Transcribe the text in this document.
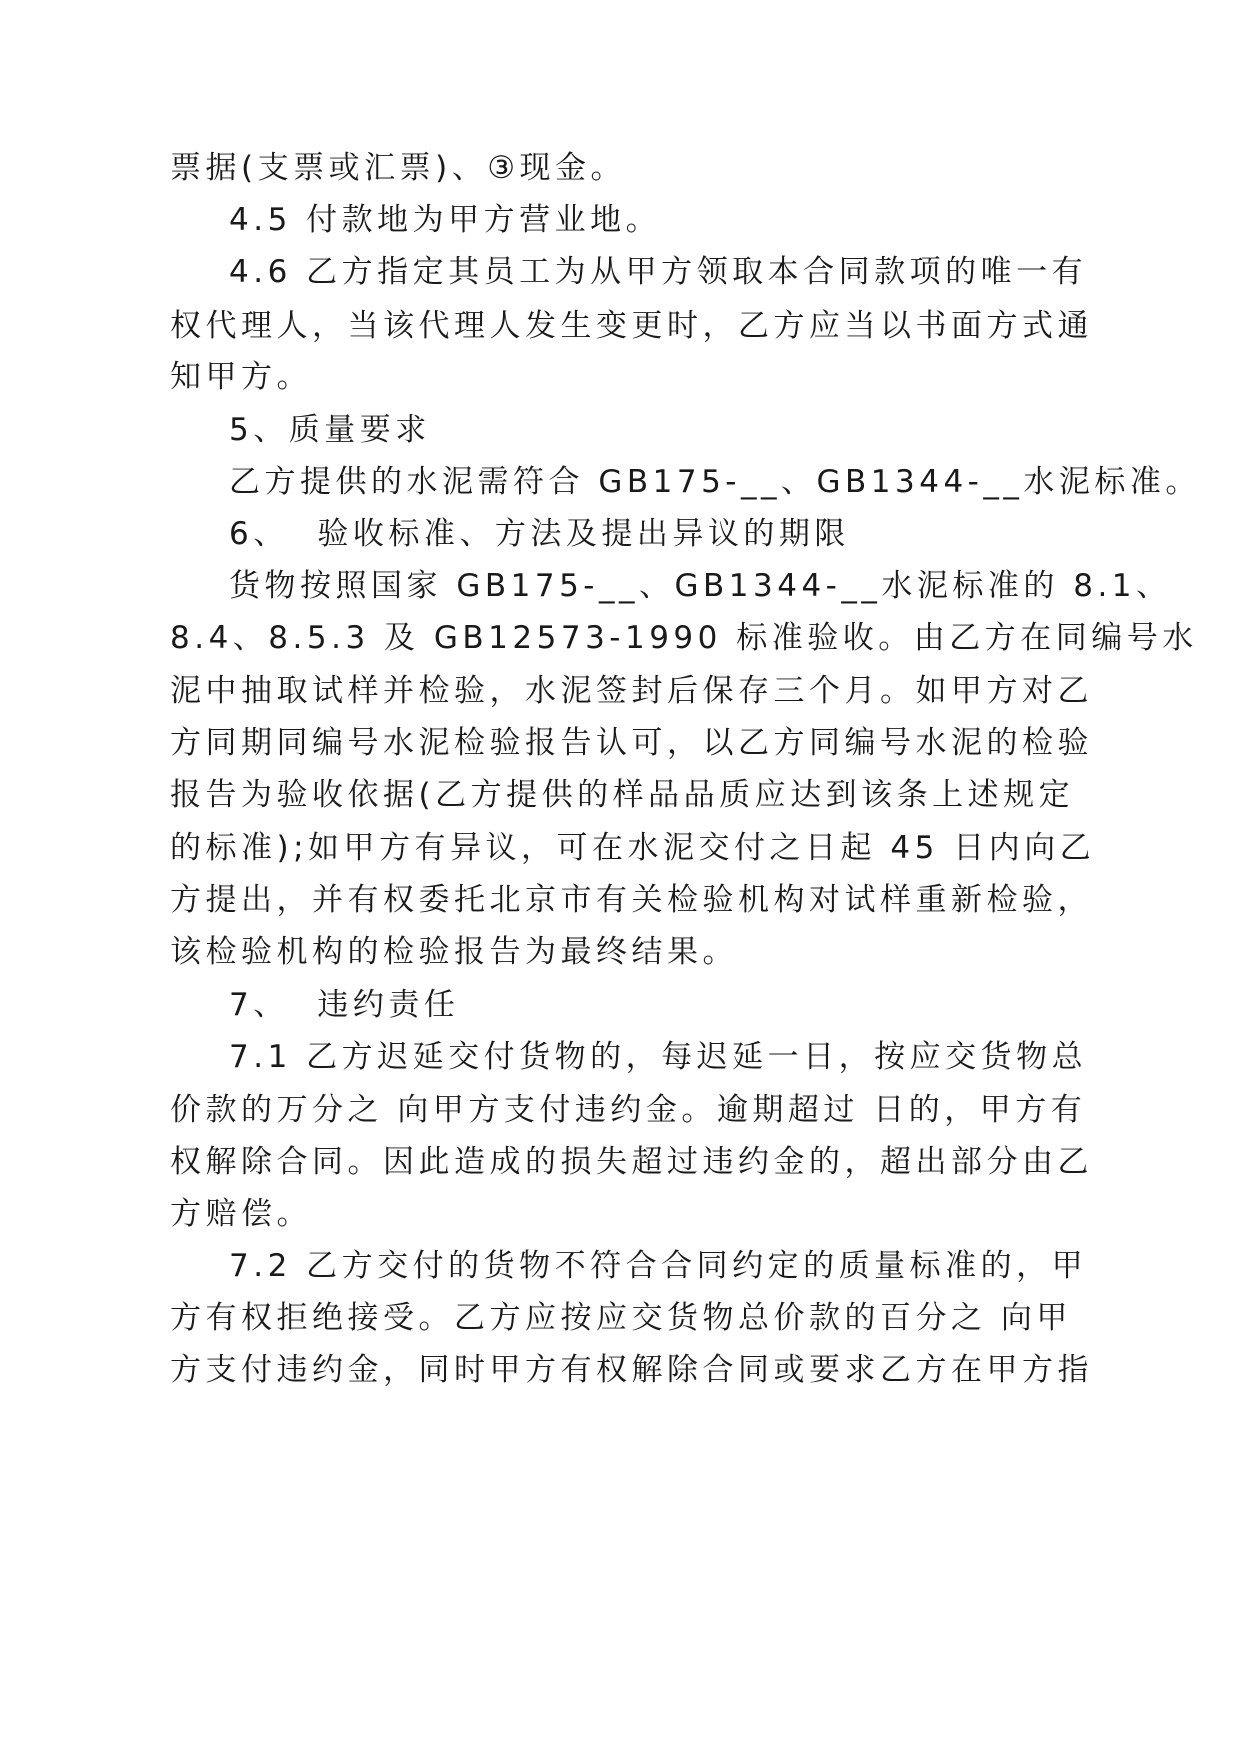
票据(支票或汇票)、③现金。
4.5 付款地为甲方营业地。
4.6 乙方指定其员工为从甲方领取本合同款项的唯一有
权代理人，当该代理人发生变更时，乙方应当以书面方式通
知甲方。
5、质量要求
乙方提供的水泥需符合 GB175-__、GB1344-__水泥标准。
6、  验收标准、方法及提出异议的期限
货物按照国家 GB175-__、GB1344-__水泥标准的 8.1、
8.4、8.5.3 及 GB12573-1990 标准验收。由乙方在同编号水
泥中抽取试样并检验，水泥签封后保存三个月。如甲方对乙
方同期同编号水泥检验报告认可，以乙方同编号水泥的检验
报告为验收依据(乙方提供的样品品质应达到该条上述规定
的标准);如甲方有异议，可在水泥交付之日起 45 日内向乙
方提出，并有权委托北京市有关检验机构对试样重新检验，
该检验机构的检验报告为最终结果。
7、  违约责任
7.1 乙方迟延交付货物的，每迟延一日，按应交货物总
价款的万分之 向甲方支付违约金。逾期超过 日的，甲方有
权解除合同。因此造成的损失超过违约金的，超出部分由乙
方赔偿。
7.2 乙方交付的货物不符合合同约定的质量标准的，甲
方有权拒绝接受。乙方应按应交货物总价款的百分之 向甲
方支付违约金，同时甲方有权解除合同或要求乙方在甲方指
